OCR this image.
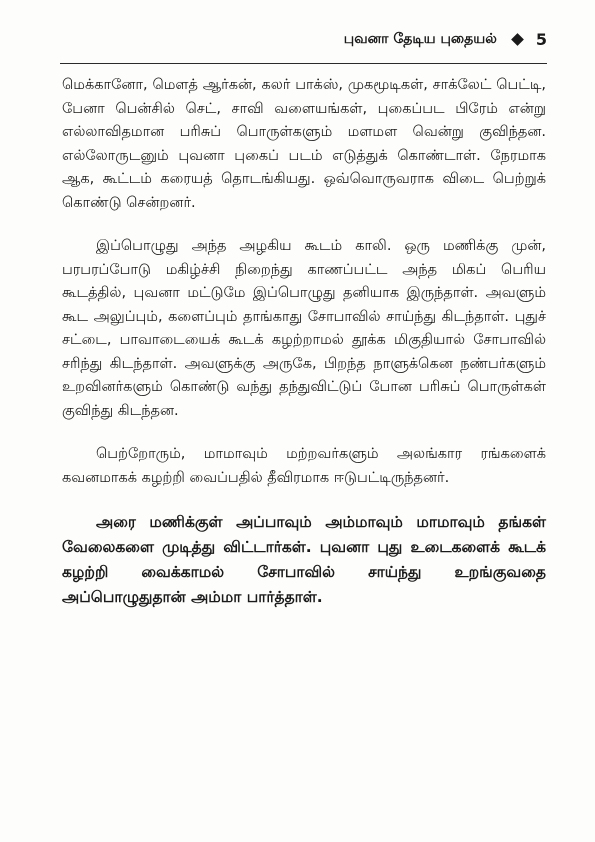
புவனா தேடிய புதையல் 5

மெக்கானோ, மௌத் ஆர்கன், கலர் பாக்ஸ், முகமூடிகள், சாக்லேட் பெட்டி, பேனா பென்சில் செட், சாவி வளையங்கள், புகைப்பட பிரேம் என்று எல்லாவிதமான பரிசுப் பொருள்களும் மளமள வென்று குவிந்தன. எல்லோருடனும் புவனா புகைப் படம் எடுத்துக் கொண்டாள். நேரமாக ஆக, கூட்டம் கரையத் தொடங்கியது. ஒவ்வொருவராக விடை பெற்றுக் கொண்டு சென்றனர்.

இப்பொழுது அந்த அழகிய கூடம் காலி. ஒரு மணிக்கு முன், பரபரப்போடு மகிழ்ச்சி நிறைந்து காணப்பட்ட அந்த மிகப் பெரிய கூடத்தில், புவனா மட்டுமே இப்பொழுது தனியாக இருந்தாள். அவளும் கூட அலுப்பும், களைப்பும் தாங்காது சோபாவில் சாய்ந்து கிடந்தாள். புதுச் சட்டை, பாவாடையைக் கூடக் கழற்றாமல் தூக்க மிகுதியால் சோபாவில் சரிந்து கிடந்தாள். அவளுக்கு அருகே, பிறந்த நாளுக்கென நண்பர்களும் உறவினர்களும் கொண்டு வந்து தந்துவிட்டுப் போன பரிசுப் பொருள்கள் குவிந்து கிடந்தன.

பெற்றோரும், மாமாவும் மற்றவர்களும் அலங்கார ரங்களைக் கவனமாகக் கழற்றி வைப்பதில் தீவிரமாக ஈடுபட்டிருந்தனர்.

அரை மணிக்குள் அப்பாவும் அம்மாவும் மாமாவும் தங்கள் வேலைகளை முடித்து விட்டார்கள். புவனா புது உடைகளைக் கூடக் கழற்றி வைக்காமல் சோபாவில் சாய்ந்து உறங்குவதை அப்பொழுதுதான் அம்மா பார்த்தாள்.
